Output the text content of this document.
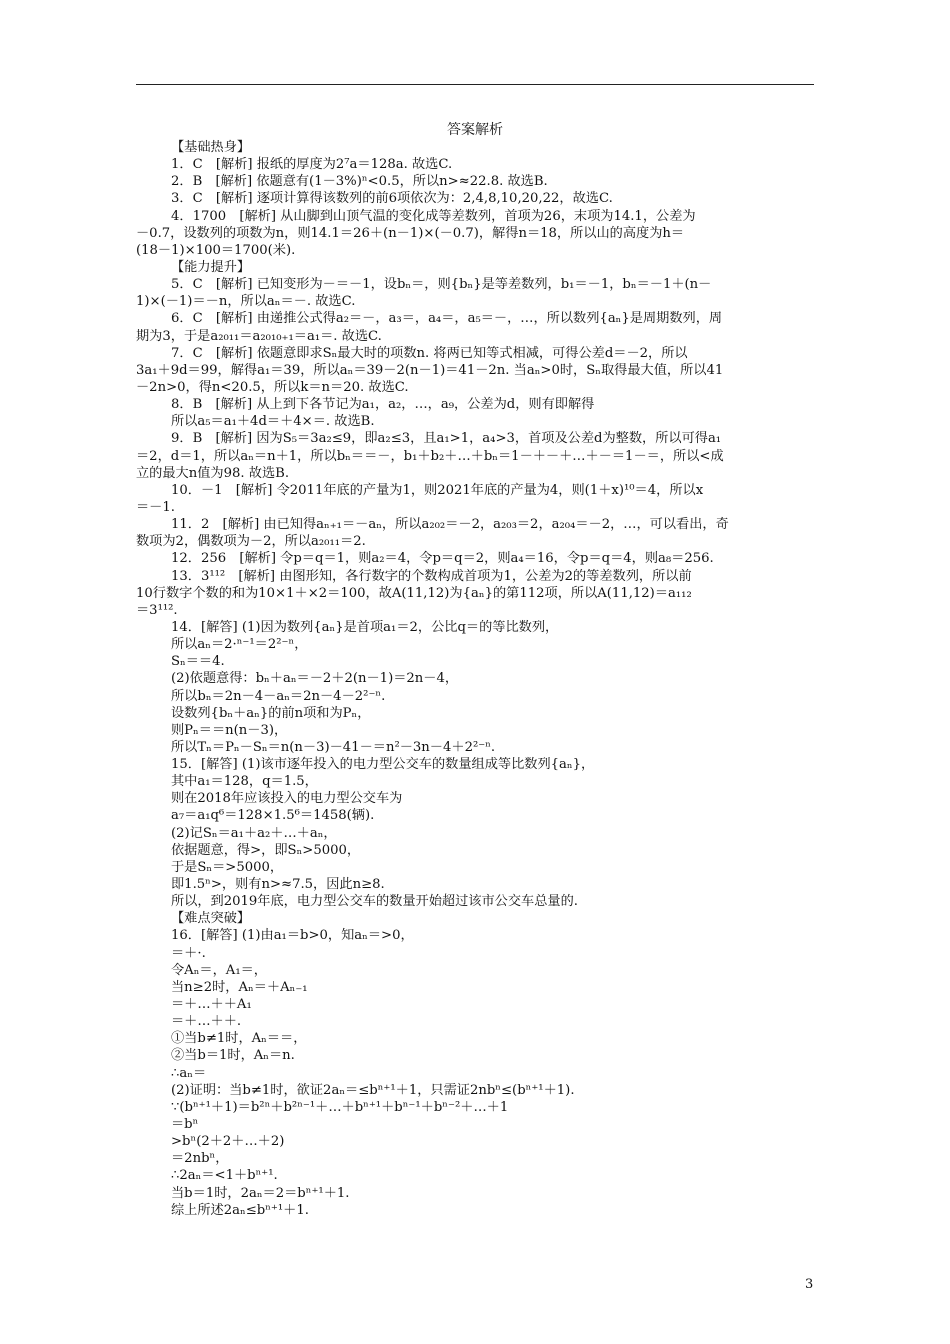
答案解析
【基础热身】
1．C　[解析] 报纸的厚度为2⁷a＝128a. 故选C.
2．B　[解析] 依题意有(1－3%)ⁿ<0.5，所以n>≈22.8. 故选B.
3．C　[解析] 逐项计算得该数列的前6项依次为：2,4,8,10,20,22，故选C.
4．1700　[解析] 从山脚到山顶气温的变化成等差数列，首项为26，末项为14.1，公差为
－0.7，设数列的项数为n，则14.1＝26＋(n－1)×(－0.7)，解得n＝18，所以山的高度为h＝
(18－1)×100＝1700(米).
【能力提升】
5．C　[解析] 已知变形为－＝－1，设bₙ＝，则{bₙ}是等差数列，b₁＝－1，bₙ＝－1＋(n－
1)×(－1)＝－n，所以aₙ＝－. 故选C.
6．C　[解析] 由递推公式得a₂＝－，a₃＝，a₄＝，a₅＝－，…，所以数列{aₙ}是周期数列，周
期为3，于是a₂₀₁₁＝a₂₀₁₀₊₁＝a₁＝. 故选C.
7．C　[解析] 依题意即求Sₙ最大时的项数n. 将两已知等式相减，可得公差d＝－2，所以
3a₁＋9d＝99，解得a₁＝39，所以aₙ＝39－2(n－1)＝41－2n. 当aₙ>0时，Sₙ取得最大值，所以41
－2n>0，得n<20.5，所以k＝n＝20. 故选C.
8．B　[解析] 从上到下各节记为a₁，a₂，…，a₉，公差为d，则有即解得
所以a₅＝a₁＋4d＝＋4×＝. 故选B.
9．B　[解析] 因为S₅＝3a₂≤9，即a₂≤3，且a₁>1，a₄>3，首项及公差d为整数，所以可得a₁
＝2，d＝1，所以aₙ＝n＋1，所以bₙ＝＝－，b₁＋b₂＋…＋bₙ＝1－＋－＋…＋－＝1－＝，所以<成
立的最大n值为98. 故选B.
10．－1　[解析] 令2011年底的产量为1，则2021年底的产量为4，则(1＋x)¹⁰＝4，所以x
＝－1.
11．2　[解析] 由已知得aₙ₊₁＝－aₙ，所以a₂₀₂＝－2，a₂₀₃＝2，a₂₀₄＝－2，…，可以看出，奇
数项为2，偶数项为－2，所以a₂₀₁₁＝2.
12．256　[解析] 令p＝q＝1，则a₂＝4，令p＝q＝2，则a₄＝16，令p＝q＝4，则a₈＝256.
13．3¹¹²　[解析] 由图形知，各行数字的个数构成首项为1，公差为2的等差数列，所以前
10行数字个数的和为10×1＋×2＝100，故A(11,12)为{aₙ}的第112项，所以A(11,12)＝a₁₁₂
＝3¹¹².
14．[解答] (1)因为数列{aₙ}是首项a₁＝2，公比q＝的等比数列，
所以aₙ＝2·ⁿ⁻¹＝2²⁻ⁿ，
Sₙ＝＝4.
(2)依题意得：bₙ＋aₙ＝－2＋2(n－1)＝2n－4，
所以bₙ＝2n－4－aₙ＝2n－4－2²⁻ⁿ.
设数列{bₙ＋aₙ}的前n项和为Pₙ，
则Pₙ＝＝n(n－3)，
所以Tₙ＝Pₙ－Sₙ＝n(n－3)－41－＝n²－3n－4＋2²⁻ⁿ.
15．[解答] (1)该市逐年投入的电力型公交车的数量组成等比数列{aₙ}，
其中a₁＝128，q＝1.5，
则在2018年应该投入的电力型公交车为
a₇＝a₁q⁶＝128×1.5⁶＝1458(辆).
(2)记Sₙ＝a₁＋a₂＋…＋aₙ，
依据题意，得>，即Sₙ>5000，
于是Sₙ＝>5000，
即1.5ⁿ>，则有n>≈7.5，因此n≥8.
所以，到2019年底，电力型公交车的数量开始超过该市公交车总量的.
【难点突破】
16．[解答] (1)由a₁＝b>0，知aₙ＝>0，
＝＋·.
令Aₙ＝，A₁＝，
当n≥2时，Aₙ＝＋Aₙ₋₁
＝＋…＋＋A₁
＝＋…＋＋.
①当b≠1时，Aₙ＝＝，
②当b＝1时，Aₙ＝n.
∴aₙ＝
(2)证明：当b≠1时，欲证2aₙ＝≤bⁿ⁺¹＋1，只需证2nbⁿ≤(bⁿ⁺¹＋1).
∵(bⁿ⁺¹＋1)＝b²ⁿ＋b²ⁿ⁻¹＋…＋bⁿ⁺¹＋bⁿ⁻¹＋bⁿ⁻²＋…＋1
＝bⁿ
>bⁿ(2＋2＋…＋2)
＝2nbⁿ，
∴2aₙ＝<1＋bⁿ⁺¹.
当b＝1时，2aₙ＝2＝bⁿ⁺¹＋1.
综上所述2aₙ≤bⁿ⁺¹＋1.
3
